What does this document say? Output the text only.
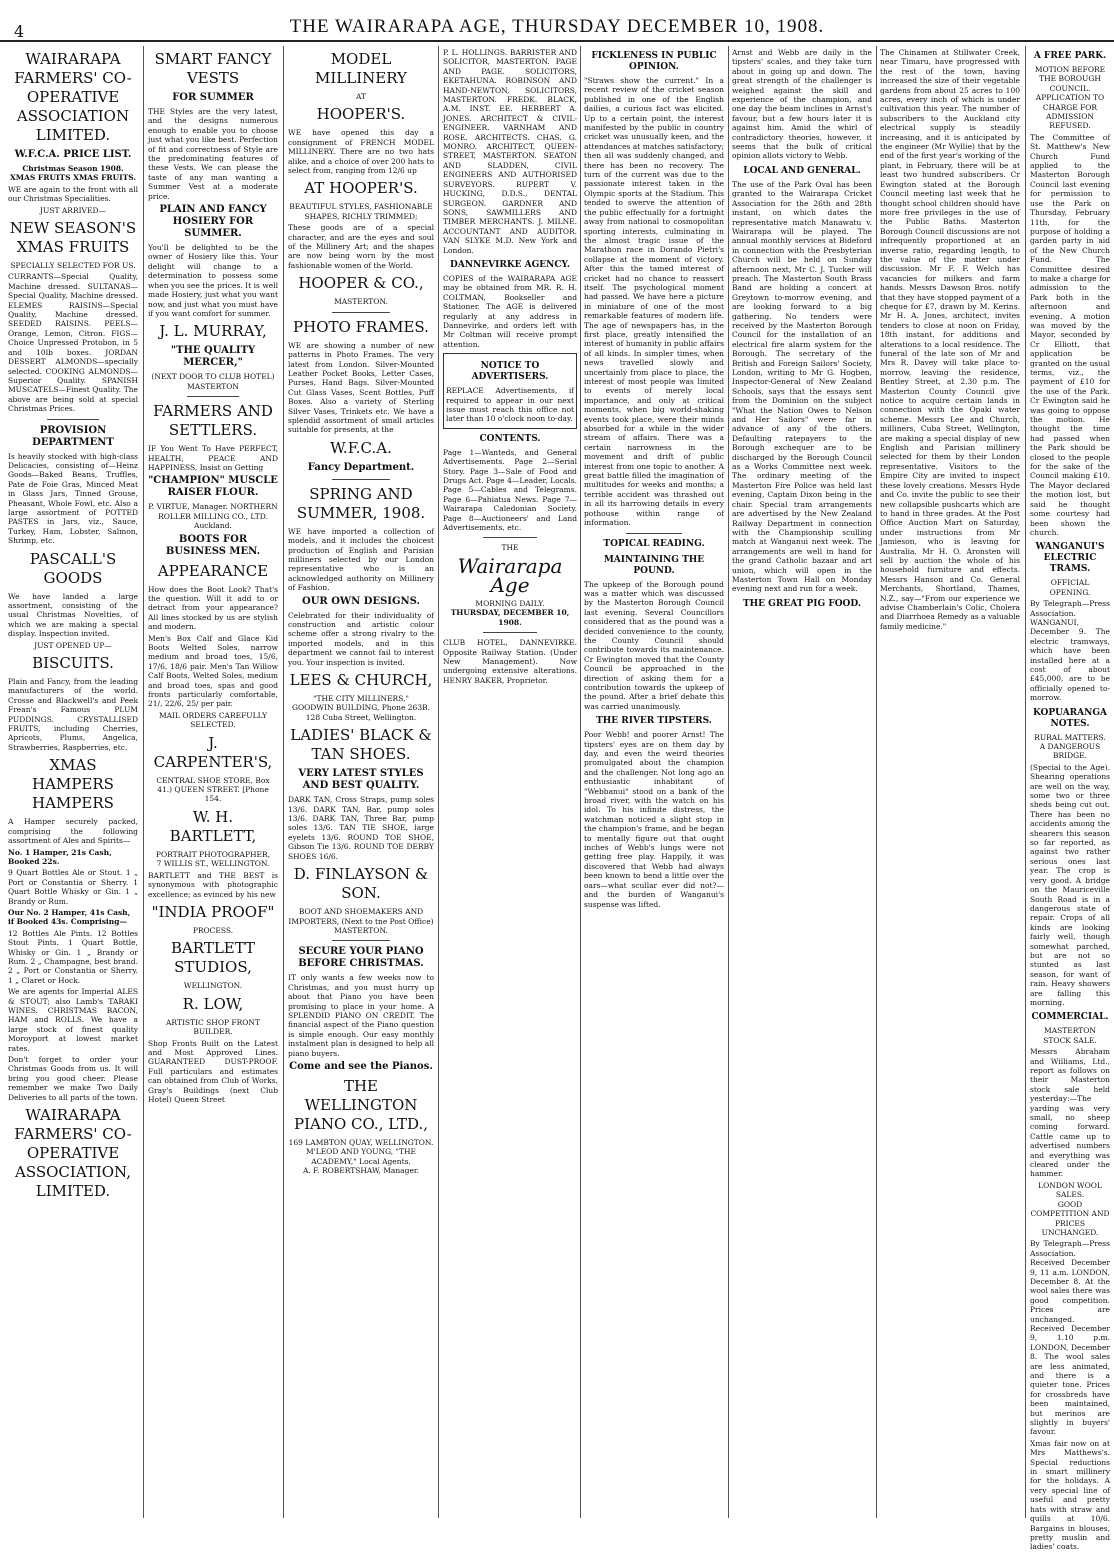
4	THE WAIRARAPA AGE, THURSDAY DECEMBER 10, 1908.
WAIRARAPA FARMERS' CO-OPERATIVE ASSOCIATION LIMITED.
W.F.C.A. PRICE LIST.
Christmas Season 1908.
XMAS FRUITS XMAS FRUITS.

WE are again to the front with all our Christmas Specialities.

JUST ARRIVED—
NEW SEASON'S XMAS FRUITS
SPECIALLY SELECTED FOR US.

CURRANTS—Special Quality, Machine dressed. SULTANAS—Special Quality, Machine dressed. ELEMES RAISINS—Special Quality, Machine dressed. SEEDED RAISINS. PEELS—Orange, Lemon, Citron. FIGS—Choice Unpressed Protobon, in 5 and 10lb boxes. JORDAN DESSERT ALMONDS—specially selected. COOKING ALMONDS—Superior Quality. SPANISH MUSCATELS—Finest Quality. The above are being sold at special Christmas Prices.

PROVISION DEPARTMENT

Is heavily stocked with high-class Delicacies, consisting of—Heinz Goods—Baked Beans, Truffles, Pate de Foie Gras, Minced Meat in Glass Jars, Tinned Grouse, Pheasant, Whole Fowl, etc. Also a large assortment of POTTED PASTES in Jars, viz., Sauce, Turkey, Ham, Lobster, Salmon, Shrimp, etc.

PASCALL'S GOODS

We have landed a large assortment, consisting of the usual Christmas Novelties, of which we are making a special display. Inspection invited.

JUST OPENED UP—
BISCUITS.

Plain and Fancy, from the leading manufacturers of the world. Crosse and Blackwell's and Peek Frean's Famous PLUM PUDDINGS. CRYSTALLISED FRUITS, including Cherries, Apricots, Plums, Angelica, Strawberries, Raspberries, etc.

XMAS HAMPERS HAMPERS

A Hamper securely packed, comprising the following assortment of Ales and Spirits—

No. 1 Hamper, 21s Cash, Booked 22s.

9 Quart Bottles Ale or Stout. 1 „ Port or Constantia or Sherry. 1 Quart Bottle Whisky or Gin. 1 „ Brandy or Rum.

Our No. 2 Hamper, 41s Cash, if Booked 43s. Comprising—

12 Bottles Ale Pints. 12 Bottles Stout Pints. 1 Quart Bottle, Whisky or Gin. 1 „ Brandy or Rum. 2 „ Champagne, best brand. 2 „ Port or Constantia or Sherry. 1 „ Claret or Hock.

We are agents for Imperial ALES & STOUT; also Lamb's TARAKI WINES. CHRISTMAS BACON, HAM and ROLLS. We have a large stock of finest quality Moroyport at lowest market rates.

Don't forget to order your Christmas Goods from us. It will bring you good cheer. Please remember we make Two Daily Deliveries to all parts of the town.

WAIRARAPA FARMERS' CO-OPERATIVE ASSOCIATION, LIMITED.
SMART FANCY VESTS
FOR SUMMER

THE Styles are the very latest, and the designs numerous enough to enable you to choose just what you like best. Perfection of fit and correctness of Style are the predominating features of these Vests. We can please the taste of any man wanting a Summer Vest at a moderate price.

PLAIN AND FANCY HOSIERY FOR SUMMER.

You'll be delighted to be the owner of Hosiery like this. Your delight will change to a determination to possess some when you see the prices. It is well made Hosiery, just what you want now, and just what you must have if you want comfort for summer.

J. L. MURRAY,
"THE QUALITY MERCER,"
(NEXT DOOR TO CLUB HOTEL) MASTERTON
FARMERS AND SETTLERS.

IF You Went To Have PERFECT, HEALTH, PEACE AND HAPPINESS, Insist on Getting

"CHAMPION" MUSCLE RAISER FLOUR.
P. VIRTUE, Manager. NORTHERN ROLLER MILLING CO., LTD. Auckland.
BOOTS FOR BUSINESS MEN.
APPEARANCE

How does the Boot Look? That's the question. Will it add to or detract from your appearance? All lines stocked by us are stylish and modern.

Men's Box Calf and Glace Kid Boots Welted Soles, narrow medium and broad toes, 15/6, 17/6, 18/6 pair. Men's Tan Willow Calf Boots, Welted Soles, medium and broad toes, spas and good fronts particularly comfortable, 21/, 22/6, 25/ per pair.

MAIL ORDERS CAREFULLY SELECTED.
J. CARPENTER'S,
CENTRAL SHOE STORE, Box 41.) QUEEN STREET. [Phone 154.
W. H. BARTLETT,
PORTRAIT PHOTOGRAPHER,
7 WILLIS ST., WELLINGTON.

BARTLETT and THE BEST is synonymous with photographic excellence; as evinced by his new

"INDIA PROOF"
PROCESS.
BARTLETT STUDIOS,
WELLINGTON.
R. LOW,
ARTISTIC SHOP FRONT BUILDER.

Shop Fronts Built on the Latest and Most Approved Lines. GUARANTEED DUST-PROOF. Full particulars and estimates can obtained from Club of Works, Gray's Buildings (next Club Hotel) Queen Street

MODEL MILLINERY
AT
HOOPER'S.

WE have opened this day a consignment of FRENCH MODEL MILLINERY. There are no two hats alike, and a choice of over 200 hats to select from, ranging from 12/6 up

AT HOOPER'S.
BEAUTIFUL STYLES, FASHIONABLE SHAPES, RICHLY TRIMMED;

These goods are of a special character, and are the eyes and soul of the Millinery Art; and the shapes are now being worn by the most fashionable women of the World.

HOOPER & CO.,
MASTERTON.
PHOTO FRAMES.

WE are showing a number of new patterns in Photo Frames. The very latest from London. Silver-Mounted Leather Pocket Books, Letter Cases, Purses, Hand Bags. Silver-Mounted Cut Glass Vases, Scent Bottles, Puff Boxes. Also a variety of Sterling Silver Vases, Trinkets etc. We have a splendid assortment of small articles suitable for presents, at the

W.F.C.A.
Fancy Department.
SPRING AND SUMMER, 1908.

WE have imported a collection of models, and it includes the choicest production of English and Parisian milliners selected by our London representative who is an acknowledged authority on Millinery of Fashion.

OUR OWN DESIGNS.

Celebrated for their individuality of construction and artistic colour scheme offer a strong rivalry to the imported models, and in this department we cannot fail to interest you. Your inspection is invited.

LEES & CHURCH,
"THE CITY MILLINERS,"
GOODWIN BUILDING, Phone 263B. 128 Cuba Street, Wellington.
LADIES' BLACK & TAN SHOES.
VERY LATEST STYLES AND BEST QUALITY.

DARK TAN, Cross Straps, pump soles 13/6. DARK TAN, Bar, pump soles 13/6. DARK TAN, Three Bar, pump soles 13/6. TAN TIE SHOE, large eyelets 13/6. ROUND TOE SHOE, Gibson Tie 13/6. ROUND TOE DERBY SHOES 16/6.

D. FINLAYSON & SON.
BOOT AND SHOEMAKERS AND IMPORTERS, (Next to tne Post Office) MASTERTON.
SECURE YOUR PIANO BEFORE CHRISTMAS.

IT only wants a few weeks now to Christmas, and you must hurry up about that Piano you have been promising to place in your home. A SPLENDID PIANO ON CREDIT. The financial aspect of the Piano question is simple enough. Our easy monthly instalment plan is designed to help all piano buyers.

Come and see the Pianos.
THE WELLINGTON PIANO CO., LTD.,
169 LAMBTON QUAY, WELLINGTON.
M'LEOD AND YOUNG, "THE ACADEMY," Local Agents.
A. F. ROBERTSHAW, Manager.

P. L. HOLLINGS. BARRISTER AND SOLICITOR, MASTERTON. PAGE AND PAGE. SOLICITORS, EKETAHUNA. ROBINSON AND HAND-NEWTON, SOLICITORS, MASTERTON. FREDK. BLACK, A.M. INST. EE. HERBERT A. JONES. ARCHITECT & CIVIL-ENGINEER. VARNHAM AND ROSE. ARCHITECTS. CHAS. G. MONRO. ARCHITECT, QUEEN-STREET, MASTERTON. SEATON AND SLADDEN, CIVIL ENGINEERS AND AUTHORISED SURVEYORS. RUPERT V. HUCKING, D.D.S., DENTAL SURGEON. GARDNER AND SONS, SAWMILLERS AND TIMBER MERCHANTS. J. MILNE. ACCOUNTANT AND AUDITOR. VAN SLYKE M.D. New York and London.

DANNEVIRKE AGENCY.

COPIES of the WAIRARAPA AGE may be obtained from MR. R. H. COLTMAN, Bookseller and Stationer. The AGE is delivered regularly at any address in Dannevirke, and orders left with Mr Coltman will receive prompt attention.

NOTICE TO ADVERTISERS.

REPLACE Advertisements, if required to appear in our next issue must reach this office not later than 10 o'clock noon to-day.

CONTENTS.

Page 1—Wanteds, and General Advertisements. Page 2—Serial Story. Page 3—Sale of Food and Drugs Act. Page 4—Leader, Locals. Page 5—Cables and Telegrams. Page 6—Pahiatua News. Page 7—Wairarapa Caledonian Society. Page 8—Auctioneers' and Land Advertisements, etc.

THE
Wairarapa Age
MORNING DAILY.
THURSDAY, DECEMBER 10, 1908.

CLUB HOTEL, DANNEVIRKE. Opposite Railway Station. (Under New Management). Now undergoing extensive alterations. HENRY BAKER, Proprietor.

FICKLENESS IN PUBLIC OPINION.

"Straws show the current." In a recent review of the cricket season published in one of the English dailies, a curious fact was elicited. Up to a certain point, the interest manifested by the public in country cricket was unusually keen, and the attendances at matches satisfactory; then all was suddenly changed, and there has been no recovery. The turn of the current was due to the passionate interest taken in the Olympic sports at the Stadium. This tended to swerve the attention of the public effectually for a fortnight away from national to cosmopolitan sporting interests, culminating in the almost tragic issue of the Marathon race in Dorando Pietri's collapse at the moment of victory. After this the tamed interest of cricket had no chance to reassert itself. The psychological moment had passed. We have here a picture in miniature of one of the most remarkable features of modern life. The age of newspapers has, in the first place, greatly intensified the interest of humanity in public affairs of all kinds. In simpler times, when news travelled slowly and uncertainly from place to place, the interest of most people was limited to events of merely local importance, and only at critical moments, when big world-shaking events took place, were their minds absorbed for a while in the wider stream of affairs. There was a certain narrowness in the movement and drift of public interest from one topic to another. A great battle filled the imagination of multitudes for weeks and months; a terrible accident was thrashed out in all its harrowing details in every pothouse within range of information.

TOPICAL READING.
MAINTAINING THE POUND.

The upkeep of the Borough pound was a matter which was discussed by the Masterton Borough Council last evening. Several Councillors considered that as the pound was a decided convenience to the county, the County Council should contribute towards its maintenance. Cr Ewington moved that the County Council be approached in the direction of asking them for a contribution towards the upkeep of the pound. After a brief debate this was carried unanimously.

THE RIVER TIPSTERS.

Poor Webb! and poorer Arnst! The tipsters' eyes are on them day by day, and even the weird theories promulgated about the champion and the challenger. Not long ago an enthusiastic inhabitant of "Webbanui" stood on a bank of the broad river, with the watch on his idol. To his infinite distress, the watchman noticed a slight stop in the champion's frame, and he began to mentally figure out that ought inches of Webb's lungs were not getting free play. Happily, it was discovered that Webb had always been known to bend a little over the oars—what scullar ever did not?—and the burden of Wanganui's suspense was lifted.

Arnst and Webb are daily in the tipsters' scales, and they take turn about in going up and down. The great strength of the challenger is weighed against the skill and experience of the champion, and one day the beam inclines in Arnst's favour, but a few hours later it is against him. Amid the whirl of contradictory theories, however, it seems that the bulk of critical opinion allots victory to Webb.

LOCAL AND GENERAL.

The use of the Park Oval has been granted to the Wairarapa Cricket Association for the 26th and 28th instant, on which dates the representative match Manawatu v. Wairarapa will be played. The annual monthly services at Bideford in connection with the Presbyterian Church will be held on Sunday afternoon next, Mr C. J. Tucker will preach. The Masterton South Brass Band are holding a concert at Greytown to-morrow evening, and are looking forward to a big gathering. No tenders were received by the Masterton Borough Council for the installation of an electrical fire alarm system for the Borough. The secretary of the British and Foreign Sailors' Society, London, writing to Mr G. Hogben, Inspector-General of New Zealand Schools, says that the essays sent from the Dominion on the subject "What the Nation Owes to Nelson and Her Sailors" were far in advance of any of the others. Defaulting ratepayers to the Borough exchequer are to be discharged by the Borough Council as a Works Committee next week. The ordinary meeting of the Masterton Fire Police was held last evening, Captain Dixon being in the chair. Special tram arrangements are advertised by the New Zealand Railway Department in connection with the Championship sculling match at Wanganui next week. The arrangements are well in hand for the grand Catholic bazaar and art union, which will open in the Masterton Town Hall on Monday evening next and run for a week.

THE GREAT PIG FOOD.

The Chinamen at Stillwater Creek, near Timaru, have progressed with the rest of the town, having increased the size of their vegetable gardens from about 25 acres to 100 acres, every inch of which is under cultivation this year. The number of subscribers to the Auckland city electrical supply is steadily increasing, and it is anticipated by the engineer (Mr Wyllie) that by the end of the first year's working of the plant, in February, there will be at least two hundred subscribers. Cr Ewington stated at the Borough Council meeting last week that he thought school children should have more free privileges in the use of the Public Baths. Masterton Borough Council discussions are not infrequently proportioned at an inverse ratio, regarding length, to the value of the matter under discussion. Mr F. F. Welch has vacancies for milkers and farm hands. Messrs Dawson Bros. notify that they have stopped payment of a cheque for £7, drawn by M. Kerins. Mr H. A. Jones, architect, invites tenders to close at noon on Friday, 18th instant, for additions and alterations to a local residence. The funeral of the late son of Mr and Mrs R. Davey will take place to-morrow, leaving the residence, Bentley Street, at 2.30 p.m. The Masterton County Council give notice to acquire certain lands in connection with the Opaki water scheme. Messrs Lee and Church, milliners, Cuba Street, Wellington, are making a special display of new English and Parisian millinery selected for them by their London representative. Visitors to the Empire City are invited to inspect these lovely creations. Messrs Hyde and Co. invite the public to see their new collapsible pushcarts which are to hand in three grades. At the Post Office Auction Mart on Saturday, under instructions from Mr Jamieson, who is leaving for Australia, Mr H. O. Aronsten will sell by auction the whole of his household furniture and effects. Messrs Hanson and Co. General Merchants, Shortland, Thames, N.Z., say—"From our experience we advise Chamberlain's Colic, Cholera and Diarrhoea Remedy as a valuable family medicine."

A FREE PARK.
MOTION BEFORE THE BOROUGH COUNCIL.
APPLICATION TO CHARGE FOR ADMISSION REFUSED.

The Committee of St. Matthew's New Church Fund applied to the Masterton Borough Council last evening for permission to use the Park on Thursday, February 11th, for the purpose of holding a garden party in aid of the New Church Fund. The Committee desired to make a charge for admission to the Park both in the afternoon and evening. A motion was moved by the Mayor, seconded by Cr Elliott, that application be granted on the usual terms, viz., the payment of £10 for the use of the Park. Cr Ewington said he was going to oppose the motion. He thought the time had passed when the Park should be closed to the people for the sake of the Council making £10. The Mayor declared the motion lost, but said he thought some courtesy had been shown the church.

WANGANUI'S ELECTRIC TRAMS.
OFFICIAL OPENING.

By Telegraph—Press Association. WANGANUI, December 9. The electric tramways, which have been installed here at a cost of about £45,000, are to be officially opened to-morrow.

KOPUARANGA NOTES.
RURAL MATTERS.
A DANGEROUS BRIDGE.

(Special to the Age). Shearing operations are well on the way, some two or three sheds being cut out. There has been no accidents among the shearers this season so far reported, as against two rather serious ones last year. The crop is very good. A bridge on the Mauriceville South Road is in a dangerous state of repair. Crops of all kinds are looking fairly well, though somewhat parched, but are not so stunted as last season, for want of rain. Heavy showers are falling this morning.

COMMERCIAL.
MASTERTON STOCK SALE.

Messrs Abraham and Williams, Ltd., report as follows on their Masterton stock sale held yesterday:—The yarding was very small, no sheep coming forward. Cattle came up to advertised numbers and everything was cleared under the hammer.

LONDON WOOL SALES.
GOOD COMPETITION AND PRICES UNCHANGED.

By Telegraph—Press Association. Received December 9, 11 a.m. LONDON, December 8. At the wool sales there was good competition. Prices are unchanged. Received December 9, 1.10 p.m. LONDON, December 8. The wool sales are less animated, and there is a quieter tone. Prices for crossbreds have been maintained, but merinos are slightly in buyers' favour.

Xmas fair now on at Mrs Matthews's. Special reductions in smart millinery for the holidays. A very special line of useful and pretty hats with straw and quills at 10/6. Bargains in blouses, pretty muslin and ladies' coats.
